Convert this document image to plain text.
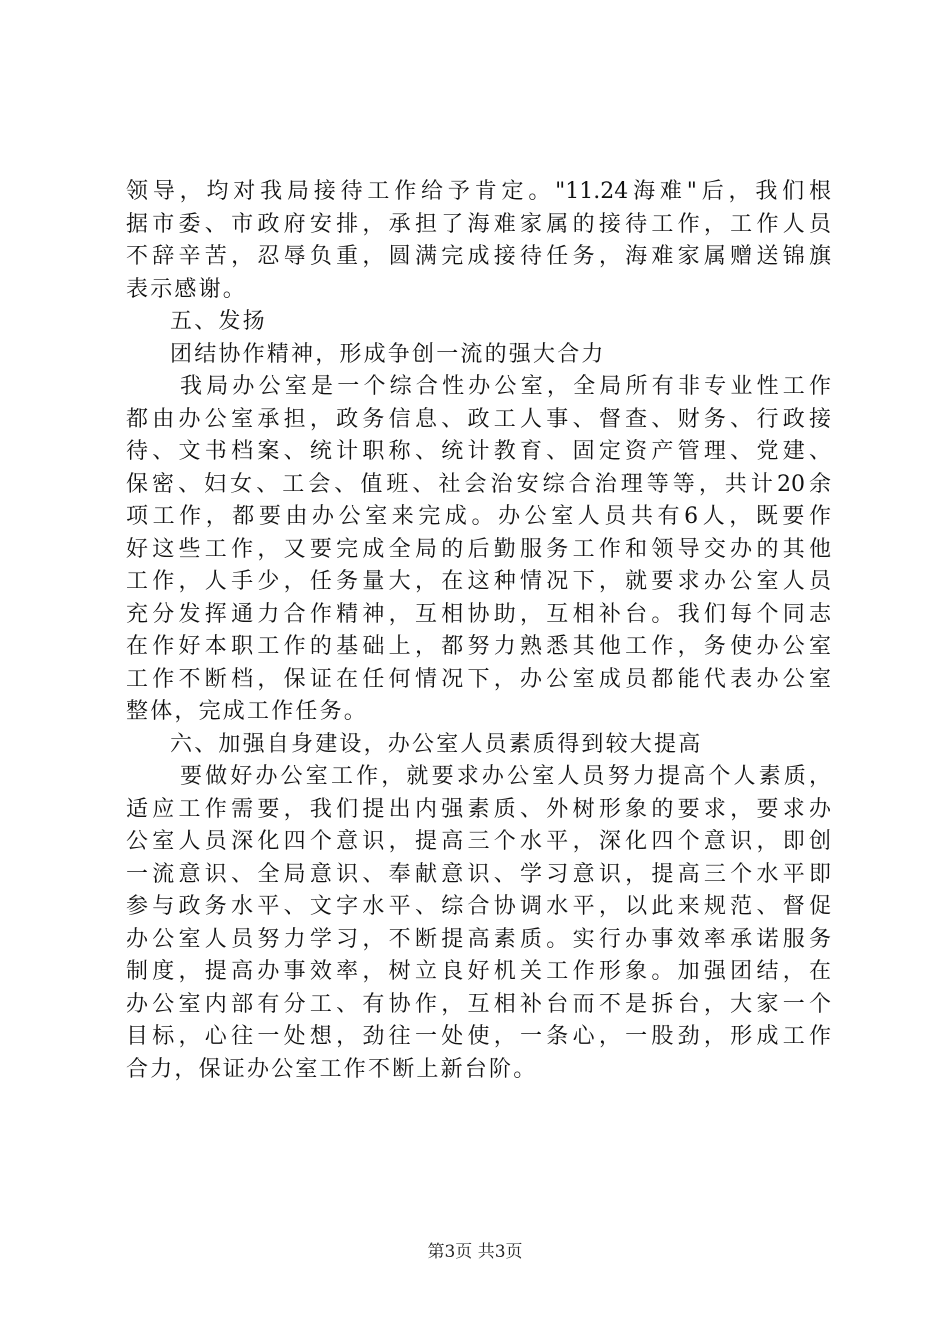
领导，均对我局接待工作给予肯定。"11.24海难"后，我们根
据市委、市政府安排，承担了海难家属的接待工作，工作人员
不辞辛苦，忍辱负重，圆满完成接待任务，海难家属赠送锦旗
表示感谢。
五、发扬
团结协作精神，形成争创一流的强大合力
我局办公室是一个综合性办公室，全局所有非专业性工作
都由办公室承担，政务信息、政工人事、督查、财务、行政接
待、文书档案、统计职称、统计教育、固定资产管理、党建、
保密、妇女、工会、值班、社会治安综合治理等等，共计20余
项工作，都要由办公室来完成。办公室人员共有6人，既要作
好这些工作，又要完成全局的后勤服务工作和领导交办的其他
工作，人手少，任务量大，在这种情况下，就要求办公室人员
充分发挥通力合作精神，互相协助，互相补台。我们每个同志
在作好本职工作的基础上，都努力熟悉其他工作，务使办公室
工作不断档，保证在任何情况下，办公室成员都能代表办公室
整体，完成工作任务。
六、加强自身建设，办公室人员素质得到较大提高
要做好办公室工作，就要求办公室人员努力提高个人素质，
适应工作需要，我们提出内强素质、外树形象的要求，要求办
公室人员深化四个意识，提高三个水平，深化四个意识，即创
一流意识、全局意识、奉献意识、学习意识，提高三个水平即
参与政务水平、文字水平、综合协调水平，以此来规范、督促
办公室人员努力学习，不断提高素质。实行办事效率承诺服务
制度，提高办事效率，树立良好机关工作形象。加强团结，在
办公室内部有分工、有协作，互相补台而不是拆台，大家一个
目标，心往一处想，劲往一处使，一条心，一股劲，形成工作
合力，保证办公室工作不断上新台阶。
第3页 共3页
